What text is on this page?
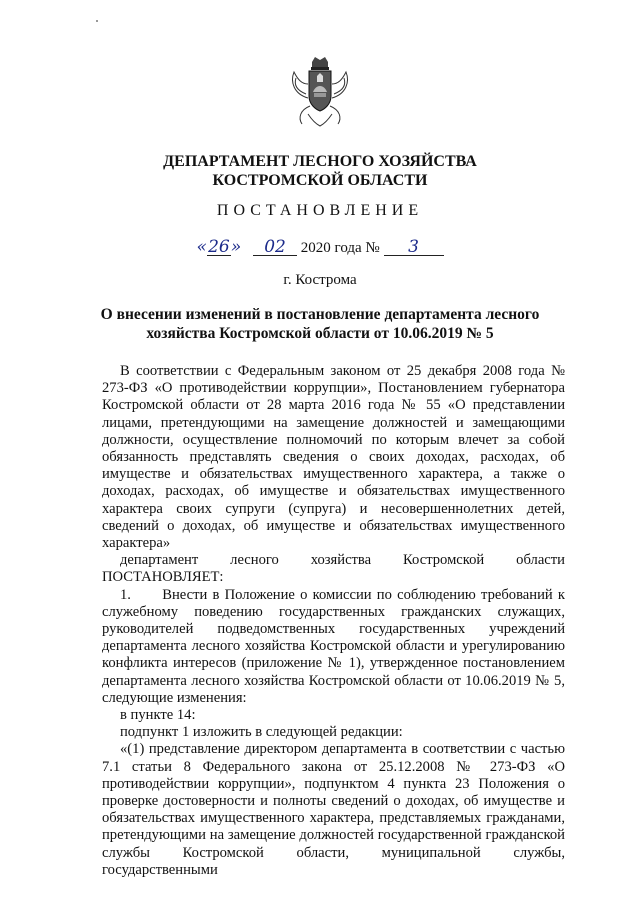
ДЕПАРТАМЕНТ ЛЕСНОГО ХОЗЯЙСТВА
КОСТРОМСКОЙ ОБЛАСТИ
ПОСТАНОВЛЕНИЕ
«26» 02 2020 года № 3
г. Кострома
О внесении изменений в постановление департамента лесного
хозяйства Костромской области от 10.06.2019 № 5

В соответствии с Федеральным законом от 25 декабря 2008 года № 273-ФЗ «О противодействии коррупции», Постановлением губернатора Костромской области от 28 марта 2016 года № 55 «О представлении лицами, претендующими на замещение должностей и замещающими должности, осуществление полномочий по которым влечет за собой обязанность представлять сведения о своих доходах, расходах, об имуществе и обязательствах имущественного характера, а также о доходах, расходах, об имуществе и обязательствах имущественного характера своих супруги (супруга) и несовершеннолетних детей, сведений о доходах, об имуществе и обязательствах имущественного характера»

департамент лесного хозяйства Костромской области

ПОСТАНОВЛЯЕТ:

1.      Внести в Положение о комиссии по соблюдению требований к служебному поведению государственных гражданских служащих, руководителей подведомственных государственных учреждений департамента лесного хозяйства Костромской области и урегулированию конфликта интересов (приложение № 1), утвержденное постановлением департамента лесного хозяйства Костромской области от 10.06.2019 № 5, следующие изменения:

в пункте 14:

подпункт 1 изложить в следующей редакции:

«(1) представление директором департамента в соответствии с частью 7.1 статьи 8 Федерального закона от 25.12.2008 № 273-ФЗ «О противодействии коррупции», подпунктом 4 пункта 23 Положения о проверке достоверности и полноты сведений о доходах, об имуществе и обязательствах имущественного характера, представляемых гражданами, претендующими на замещение должностей государственной гражданской службы Костромской области, муниципальной службы, государственными
